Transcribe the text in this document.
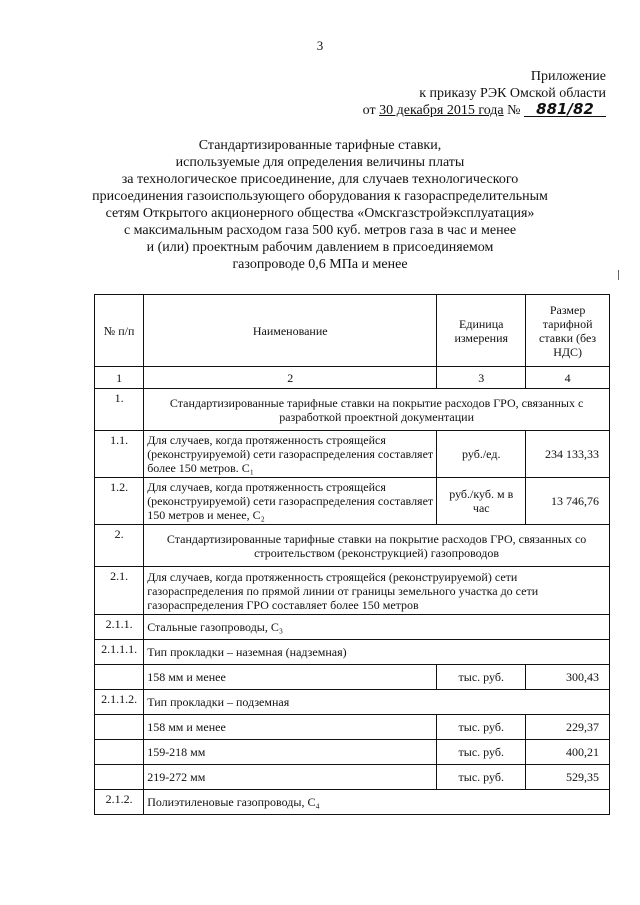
3
Приложение
к приказу РЭК Омской области
от 30 декабря 2015 года № 881/82
Стандартизированные тарифные ставки,
используемые для определения величины платы
за технологическое присоединение, для случаев технологического
присоединения газоиспользующего оборудования к газораспределительным
сетям Открытого акционерного общества «Омскгазстройэксплуатация»
с максимальным расходом газа 500 куб. метров газа в час и менее
и (или) проектным рабочим давлением в присоединяемом
газопроводе 0,6 МПа и менее
№ п/п	Наименование	Единица измерения	Размер тарифной ставки (без НДС)
1	2	3	4
1.	Стандартизированные тарифные ставки на покрытие расходов ГРО, связанных с разработкой проектной документации		
1.1.	Для случаев, когда протяженность строящейся (реконструируемой) сети газораспределения составляет более 150 метров. С₁	руб./ед.	234 133,33
1.2.	Для случаев, когда протяженность строящейся (реконструируемой) сети газораспределения составляет 150 метров и менее, С₂	руб./куб. м в час	13 746,76
2.	Стандартизированные тарифные ставки на покрытие расходов ГРО, связанных со строительством (реконструкцией) газопроводов		
2.1.	Для случаев, когда протяженность строящейся (реконструируемой) сети газораспределения по прямой линии от границы земельного участка до сети газораспределения ГРО составляет более 150 метров		
2.1.1.	Стальные газопроводы, С₃		
2.1.1.1.	Тип прокладки – наземная (надземная)		
	158 мм и менее	тыс. руб.	300,43
2.1.1.2.	Тип прокладки – подземная		
	158 мм и менее	тыс. руб.	229,37
	159-218 мм	тыс. руб.	400,21
	219-272 мм	тыс. руб.	529,35
2.1.2.	Полиэтиленовые газопроводы, С₄		
